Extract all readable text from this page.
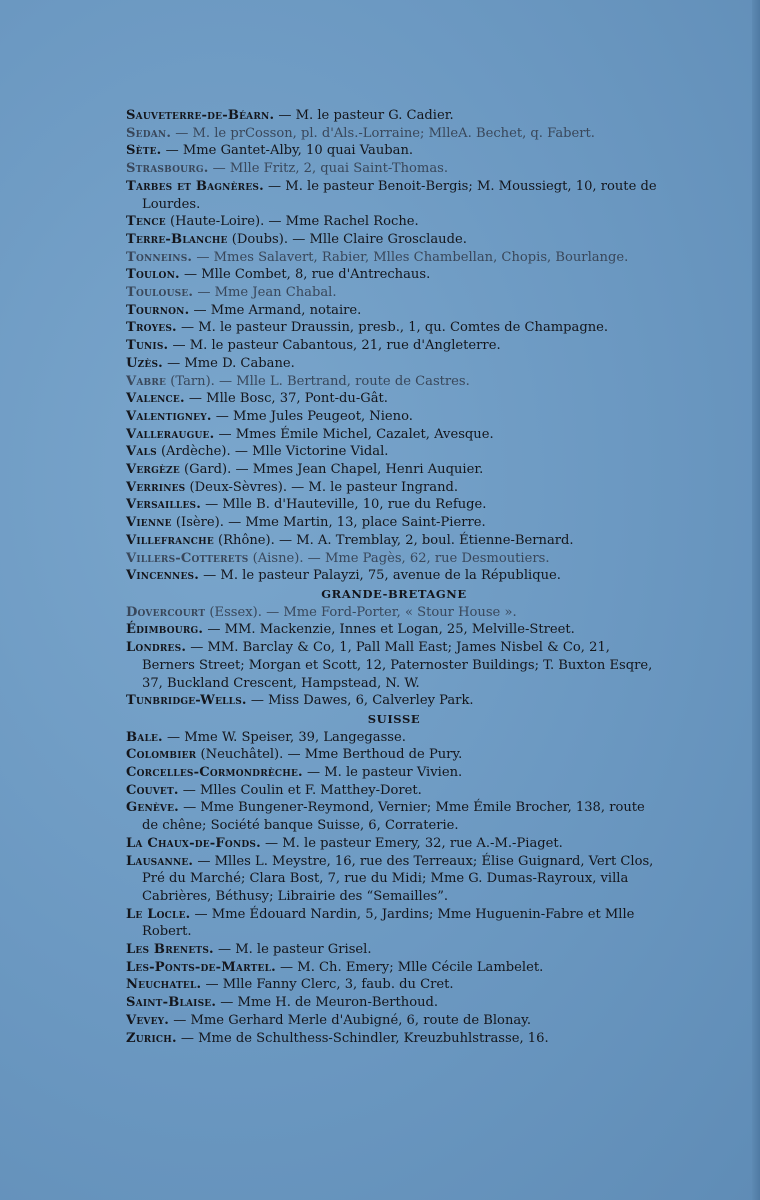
Sauveterre-de-Béarn. — M. le pasteur G. Cadier.
Sedan. — M. le prCosson, pl. d'Als.-Lorraine; MlleA. Bechet, q. Fabert.
Sète. — Mme Gantet-Alby, 10 quai Vauban.
Strasbourg. — Mlle Fritz, 2, quai Saint-Thomas.
Tarbes et Bagnères. — M. le pasteur Benoit-Bergis; M. Moussiegt, 10, route de Lourdes.
Tence (Haute-Loire). — Mme Rachel Roche.
Terre-Blanche (Doubs). — Mlle Claire Grosclaude.
Tonneins. — Mmes Salavert, Rabier, Mlles Chambellan, Chopis, Bourlange.
Toulon. — Mlle Combet, 8, rue d'Antrechaus.
Toulouse. — Mme Jean Chabal.
Tournon. — Mme Armand, notaire.
Troyes. — M. le pasteur Draussin, presb., 1, qu. Comtes de Champagne.
Tunis. — M. le pasteur Cabantous, 21, rue d'Angleterre.
Uzès. — Mme D. Cabane.
Vabre (Tarn). — Mlle L. Bertrand, route de Castres.
Valence. — Mlle Bosc, 37, Pont-du-Gât.
Valentigney. — Mme Jules Peugeot, Nieno.
Valleraugue. — Mmes Émile Michel, Cazalet, Avesque.
Vals (Ardèche). — Mlle Victorine Vidal.
Vergèze (Gard). — Mmes Jean Chapel, Henri Auquier.
Verrines (Deux-Sèvres). — M. le pasteur Ingrand.
Versailles. — Mlle B. d'Hauteville, 10, rue du Refuge.
Vienne (Isère). — Mme Martin, 13, place Saint-Pierre.
Villefranche (Rhône). — M. A. Tremblay, 2, boul. Étienne-Bernard.
Villers-Cotterets (Aisne). — Mme Pagès, 62, rue Desmoutiers.
Vincennes. — M. le pasteur Palayzi, 75, avenue de la République.
GRANDE-BRETAGNE
Dovercourt (Essex). — Mme Ford-Porter, « Stour House ».
Édimbourg. — MM. Mackenzie, Innes et Logan, 25, Melville-Street.
Londres. — MM. Barclay & Co, 1, Pall Mall East; James Nisbel & Co, 21, Berners Street; Morgan et Scott, 12, Paternoster Buildings; T. Buxton Esqre, 37, Buckland Crescent, Hampstead, N. W.
Tunbridge-Wells. — Miss Dawes, 6, Calverley Park.
SUISSE
Bale. — Mme W. Speiser, 39, Langegasse.
Colombier (Neuchâtel). — Mme Berthoud de Pury.
Corcelles-Cormondrèche. — M. le pasteur Vivien.
Couvet. — Mlles Coulin et F. Matthey-Doret.
Genève. — Mme Bungener-Reymond, Vernier; Mme Émile Brocher, 138, route de chêne; Société banque Suisse, 6, Corraterie.
La Chaux-de-Fonds. — M. le pasteur Emery, 32, rue A.-M.-Piaget.
Lausanne. — Mlles L. Meystre, 16, rue des Terreaux; Élise Guignard, Vert Clos, Pré du Marché; Clara Bost, 7, rue du Midi; Mme G. Dumas-Rayroux, villa Cabrières, Béthusy; Librairie des “Semailles”.
Le Locle. — Mme Édouard Nardin, 5, Jardins; Mme Huguenin-Fabre et Mlle Robert.
Les Brenets. — M. le pasteur Grisel.
Les-Ponts-de-Martel. — M. Ch. Emery; Mlle Cécile Lambelet.
Neuchatel. — Mlle Fanny Clerc, 3, faub. du Cret.
Saint-Blaise. — Mme H. de Meuron-Berthoud.
Vevey. — Mme Gerhard Merle d'Aubigné, 6, route de Blonay.
Zurich. — Mme de Schulthess-Schindler, Kreuzbuhlstrasse, 16.
